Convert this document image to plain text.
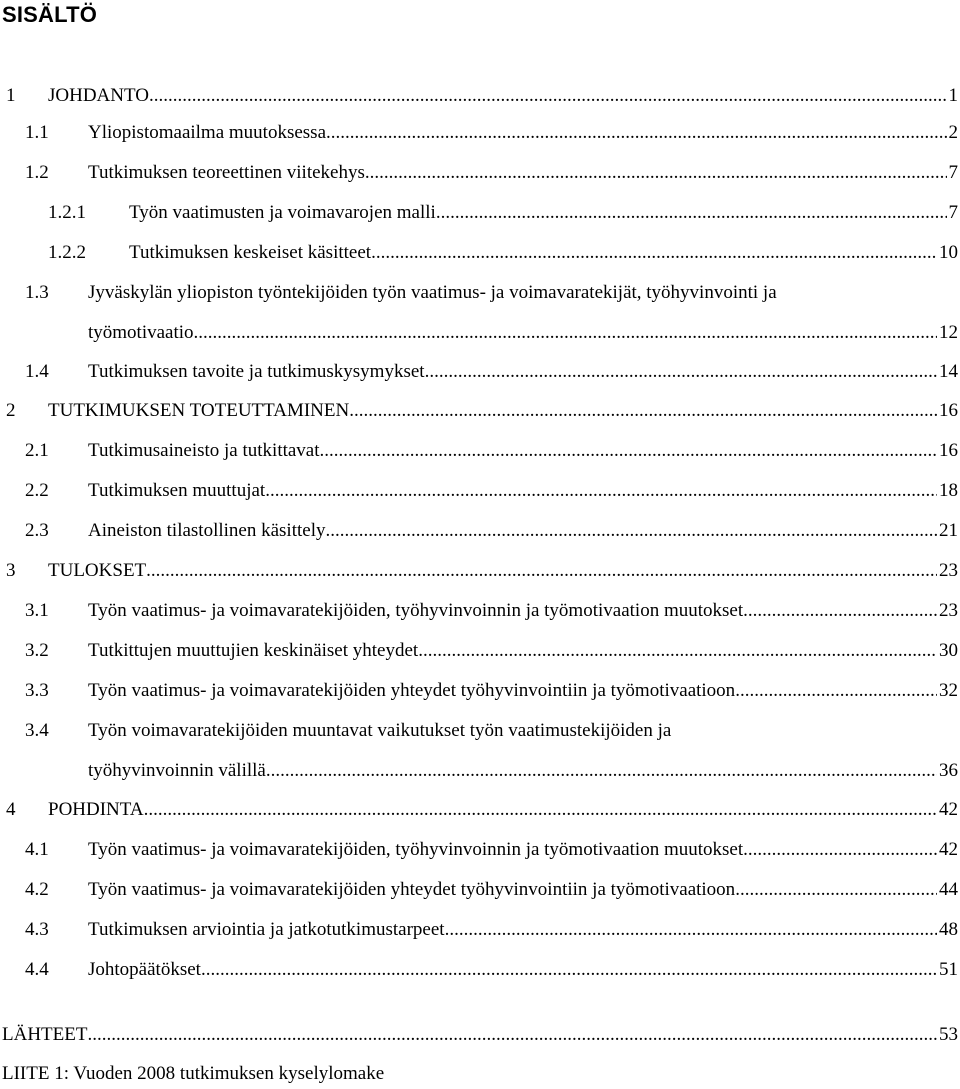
SISÄLTÖ
1 JOHDANTO .....	1
1.1 Yliopistomaailma muutoksessa .....	2
1.2 Tutkimuksen teoreettinen viitekehys .....	7
1.2.1 Työn vaatimusten ja voimavarojen malli .....	7
1.2.2 Tutkimuksen keskeiset käsitteet .....	10
1.3 Jyväskylän yliopiston työntekijöiden työn vaatimus- ja voimavaratekijät, työhyvinvointi ja
työmotivaatio .....	12
1.4 Tutkimuksen tavoite ja tutkimuskysymykset .....	14
2 TUTKIMUKSEN TOTEUTTAMINEN .....	16
2.1 Tutkimusaineisto ja tutkittavat .....	16
2.2 Tutkimuksen muuttujat .....	18
2.3 Aineiston tilastollinen käsittely .....	21
3 TULOKSET .....	23
3.1 Työn vaatimus- ja voimavaratekijöiden, työhyvinvoinnin ja työmotivaation muutokset .....	23
3.2 Tutkittujen muuttujien keskinäiset yhteydet .....	30
3.3 Työn vaatimus- ja voimavaratekijöiden yhteydet työhyvinvointiin ja työmotivaatioon .....	32
3.4 Työn voimavaratekijöiden muuntavat vaikutukset työn vaatimustekijöiden ja
työhyvinvoinnin välillä .....	36
4 POHDINTA .....	42
4.1 Työn vaatimus- ja voimavaratekijöiden, työhyvinvoinnin ja työmotivaation muutokset .....	42
4.2 Työn vaatimus- ja voimavaratekijöiden yhteydet työhyvinvointiin ja työmotivaatioon .....	44
4.3 Tutkimuksen arviointia ja jatkotutkimustarpeet .....	48
4.4 Johtopäätökset .....	51
LÄHTEET .....	53
LIITE 1: Vuoden 2008 tutkimuksen kyselylomake
